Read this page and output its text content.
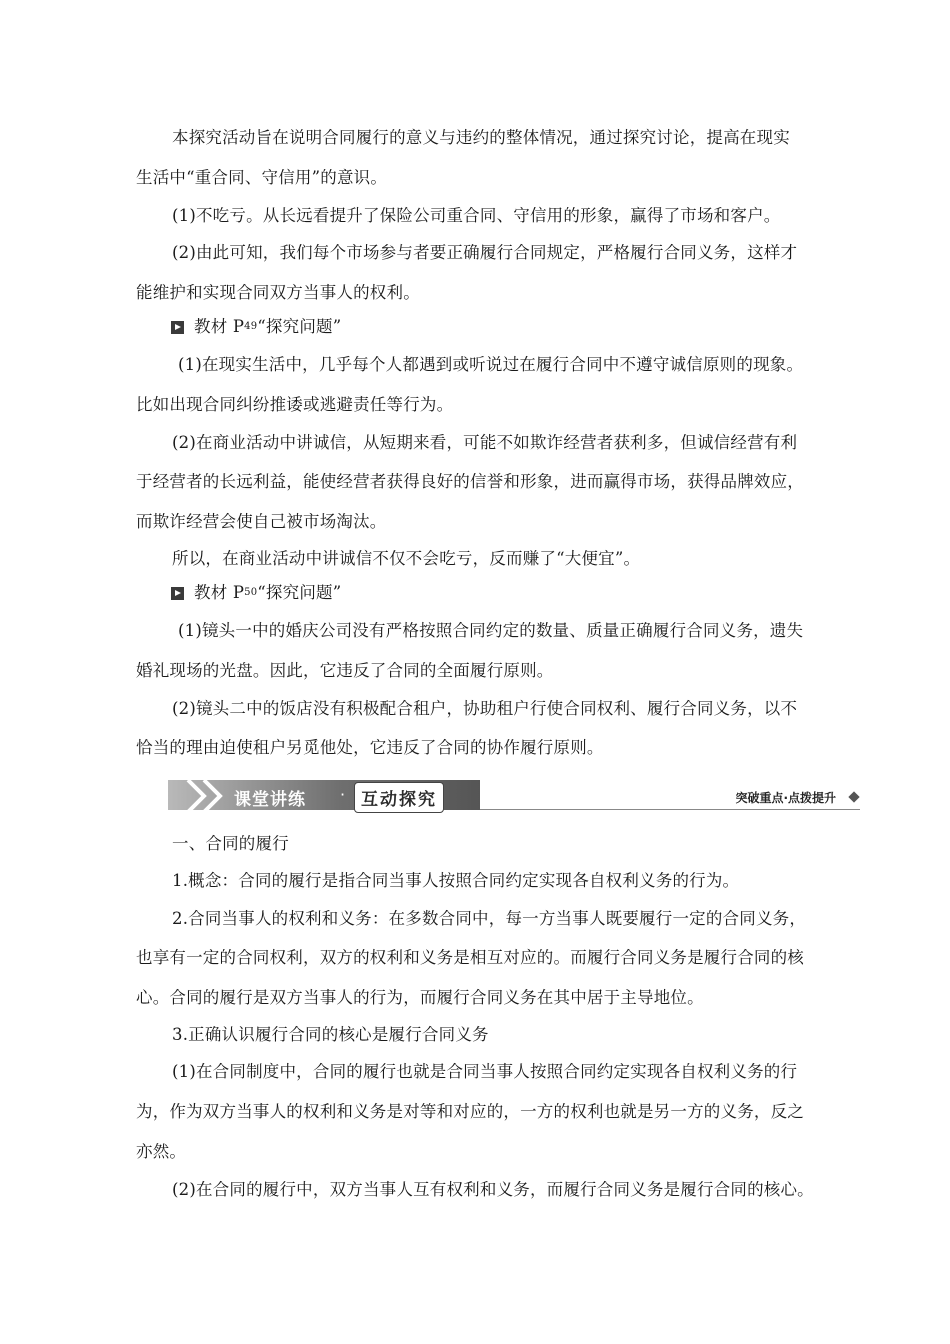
本探究活动旨在说明合同履行的意义与违约的整体情况，通过探究讨论，提高在现实
生活中“重合同、守信用”的意识。
(1)不吃亏。从长远看提升了保险公司重合同、守信用的形象，赢得了市场和客户。
(2)由此可知，我们每个市场参与者要正确履行合同规定，严格履行合同义务，这样才
能维护和实现合同双方当事人的权利。
教材 P 49 “探究问题”
(1)在现实生活中，几乎每个人都遇到或听说过在履行合同中不遵守诚信原则的现象。
比如出现合同纠纷推诿或逃避责任等行为。
(2)在商业活动中讲诚信，从短期来看，可能不如欺诈经营者获利多，但诚信经营有利
于经营者的长远利益，能使经营者获得良好的信誉和形象，进而赢得市场，获得品牌效应，
而欺诈经营会使自己被市场淘汰。
所以，在商业活动中讲诚信不仅不会吃亏，反而赚了“大便宜”。
教材 P 50 “探究问题”
(1)镜头一中的婚庆公司没有严格按照合同约定的数量、质量正确履行合同义务，遗失
婚礼现场的光盘。因此，它违反了合同的全面履行原则。
(2)镜头二中的饭店没有积极配合租户，协助租户行使合同权利、履行合同义务，以不
恰当的理由迫使租户另觅他处，它违反了合同的协作履行原则。
课堂讲练 · 互动探究	突破重点·点拨提升
一、合同的履行
1.概念：合同的履行是指合同当事人按照合同约定实现各自权利义务的行为。
2.合同当事人的权利和义务：在多数合同中，每一方当事人既要履行一定的合同义务，
也享有一定的合同权利，双方的权利和义务是相互对应的。而履行合同义务是履行合同的核
心。合同的履行是双方当事人的行为，而履行合同义务在其中居于主导地位。
3.正确认识履行合同的核心是履行合同义务
(1)在合同制度中，合同的履行也就是合同当事人按照合同约定实现各自权利义务的行
为，作为双方当事人的权利和义务是对等和对应的，一方的权利也就是另一方的义务，反之
亦然。
(2)在合同的履行中，双方当事人互有权利和义务，而履行合同义务是履行合同的核心。
